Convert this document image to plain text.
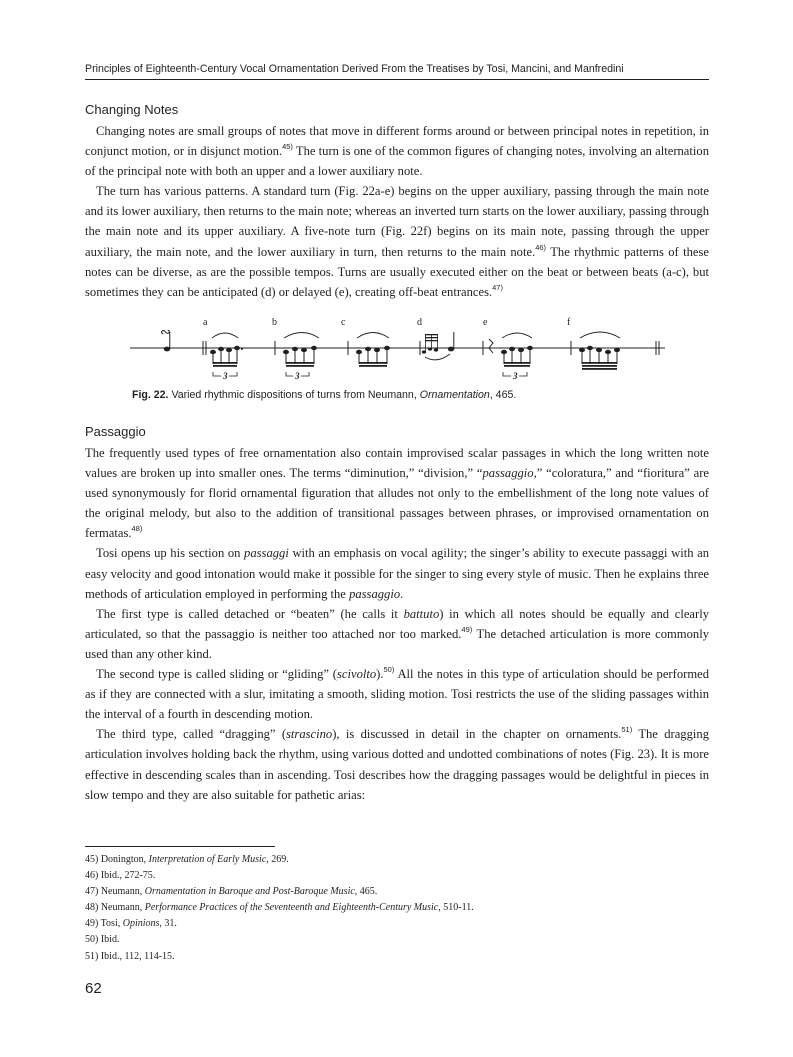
Principles of Eighteenth-Century Vocal Ornamentation Derived From the Treatises by Tosi, Mancini, and Manfredini
Changing Notes

Changing notes are small groups of notes that move in different forms around or between principal notes in repetition, in conjunct motion, or in disjunct motion.$^{45)}$ The turn is one of the common figures of changing notes, involving an alternation of the principal note with both an upper and a lower auxiliary note.

The turn has various patterns. A standard turn (Fig. 22a-e) begins on the upper auxiliary, passing through the main note and its lower auxiliary, then returns to the main note; whereas an inverted turn starts on the lower auxiliary, passing through the main note and its upper auxiliary. A five-note turn (Fig. 22f) begins on its main note, passing through the upper auxiliary, the main note, and the lower auxiliary in turn, then returns to the main note.$^{46)}$ The rhythmic patterns of these notes can be diverse, as are the possible tempos. Turns are usually executed either on the beat or between beats (a-c), but sometimes they can be anticipated (d) or delayed (e), creating off-beat entrances.$^{47)}$

∾
a
3
b
3
c	d	e
3
f
Fig. 22. Varied rhythmic dispositions of turns from Neumann, Ornamentation, 465.
Passaggio

The frequently used types of free ornamentation also contain improvised scalar passages in which the long written note values are broken up into smaller ones. The terms “diminution,” “division,” “passaggio,” “coloratura,” and “fioritura” are used synonymously for florid ornamental figuration that alludes not only to the embellishment of the long note values of the original melody, but also to the addition of transitional passages between phrases, or improvised ornamentation on fermatas.$^{48)}$

Tosi opens up his section on passaggi with an emphasis on vocal agility; the singer’s ability to execute passaggi with an easy velocity and good intonation would make it possible for the singer to sing every style of music. Then he explains three methods of articulation employed in performing the passaggio.

The first type is called detached or “beaten” (he calls it battuto) in which all notes should be equally and clearly articulated, so that the passaggio is neither too attached nor too marked.$^{49)}$ The detached articulation is more commonly used than any other kind.

The second type is called sliding or “gliding” (scivolto).$^{50)}$ All the notes in this type of articulation should be performed as if they are connected with a slur, imitating a smooth, sliding motion. Tosi restricts the use of the sliding passages within the interval of a fourth in descending motion.

The third type, called “dragging” (strascino), is discussed in detail in the chapter on ornaments.$^{51)}$ The dragging articulation involves holding back the rhythm, using various dotted and undotted combinations of notes (Fig. 23). It is more effective in descending scales than in ascending. Tosi describes how the dragging passages would be delightful in pieces in slow tempo and they are also suitable for pathetic arias:

45) Donington, Interpretation of Early Music, 269.
46) Ibid., 272-75.
47) Neumann, Ornamentation in Baroque and Post-Baroque Music, 465.
48) Neumann, Performance Practices of the Seventeenth and Eighteenth-Century Music, 510-11.
49) Tosi, Opinions, 31.
50) Ibid.
51) Ibid., 112, 114-15.
62
